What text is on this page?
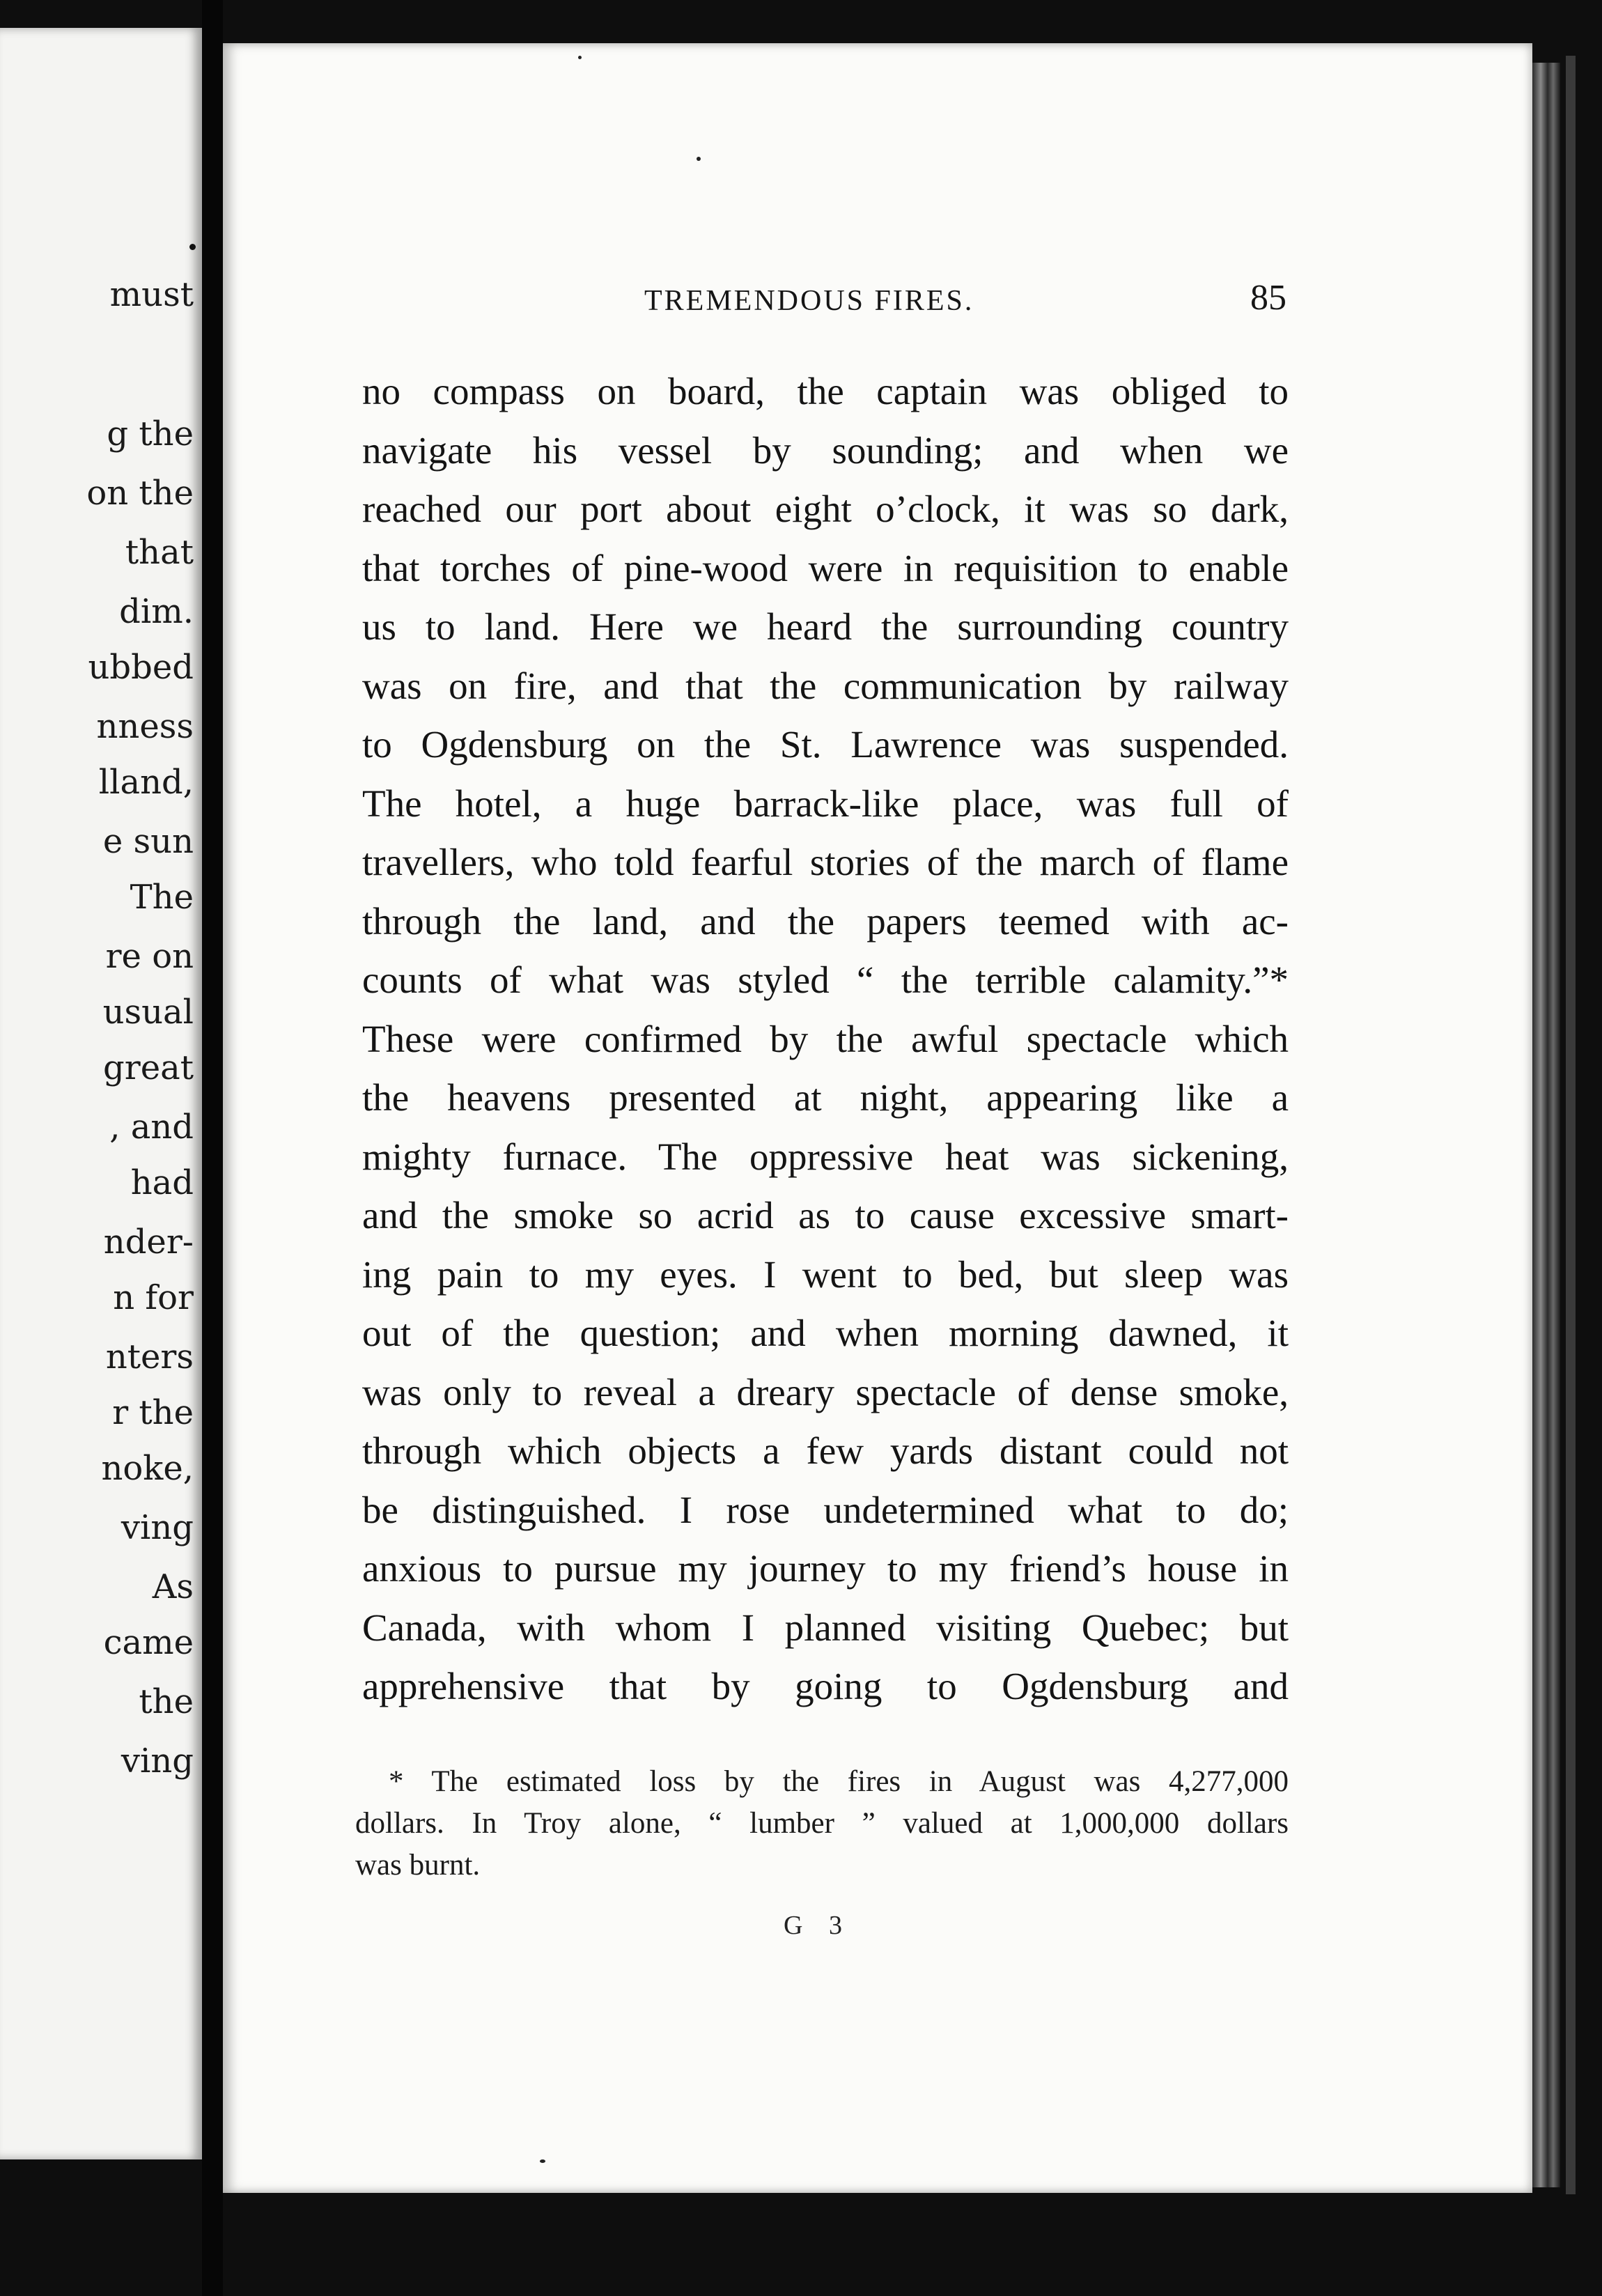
must
g the
on the
that
dim.
ubbed
nness
lland,
e sun
The
re on
usual
great
, and
had
nder-
n for
nters
r the
noke,
ving
As
came
the
ving
TREMENDOUS FIRES.	85
no compass on board, the captain was obliged to
navigate his vessel by sounding; and when we
reached our port about eight o’clock, it was so dark,
that torches of pine-wood were in requisition to enable
us to land. Here we heard the surrounding country
was on fire, and that the communication by railway
to Ogdensburg on the St. Lawrence was suspended.
The hotel, a huge barrack-like place, was full of
travellers, who told fearful stories of the march of flame
through the land, and the papers teemed with ac-
counts of what was styled “ the terrible calamity.”*
These were confirmed by the awful spectacle which
the heavens presented at night, appearing like a
mighty furnace. The oppressive heat was sickening,
and the smoke so acrid as to cause excessive smart-
ing pain to my eyes. I went to bed, but sleep was
out of the question; and when morning dawned, it
was only to reveal a dreary spectacle of dense smoke,
through which objects a few yards distant could not
be distinguished. I rose undetermined what to do;
anxious to pursue my journey to my friend’s house in
Canada, with whom I planned visiting Quebec; but
apprehensive that by going to Ogdensburg and
* The estimated loss by the fires in August was 4,277,000
dollars. In Troy alone, “ lumber ” valued at 1,000,000 dollars
was burnt.
G 3
